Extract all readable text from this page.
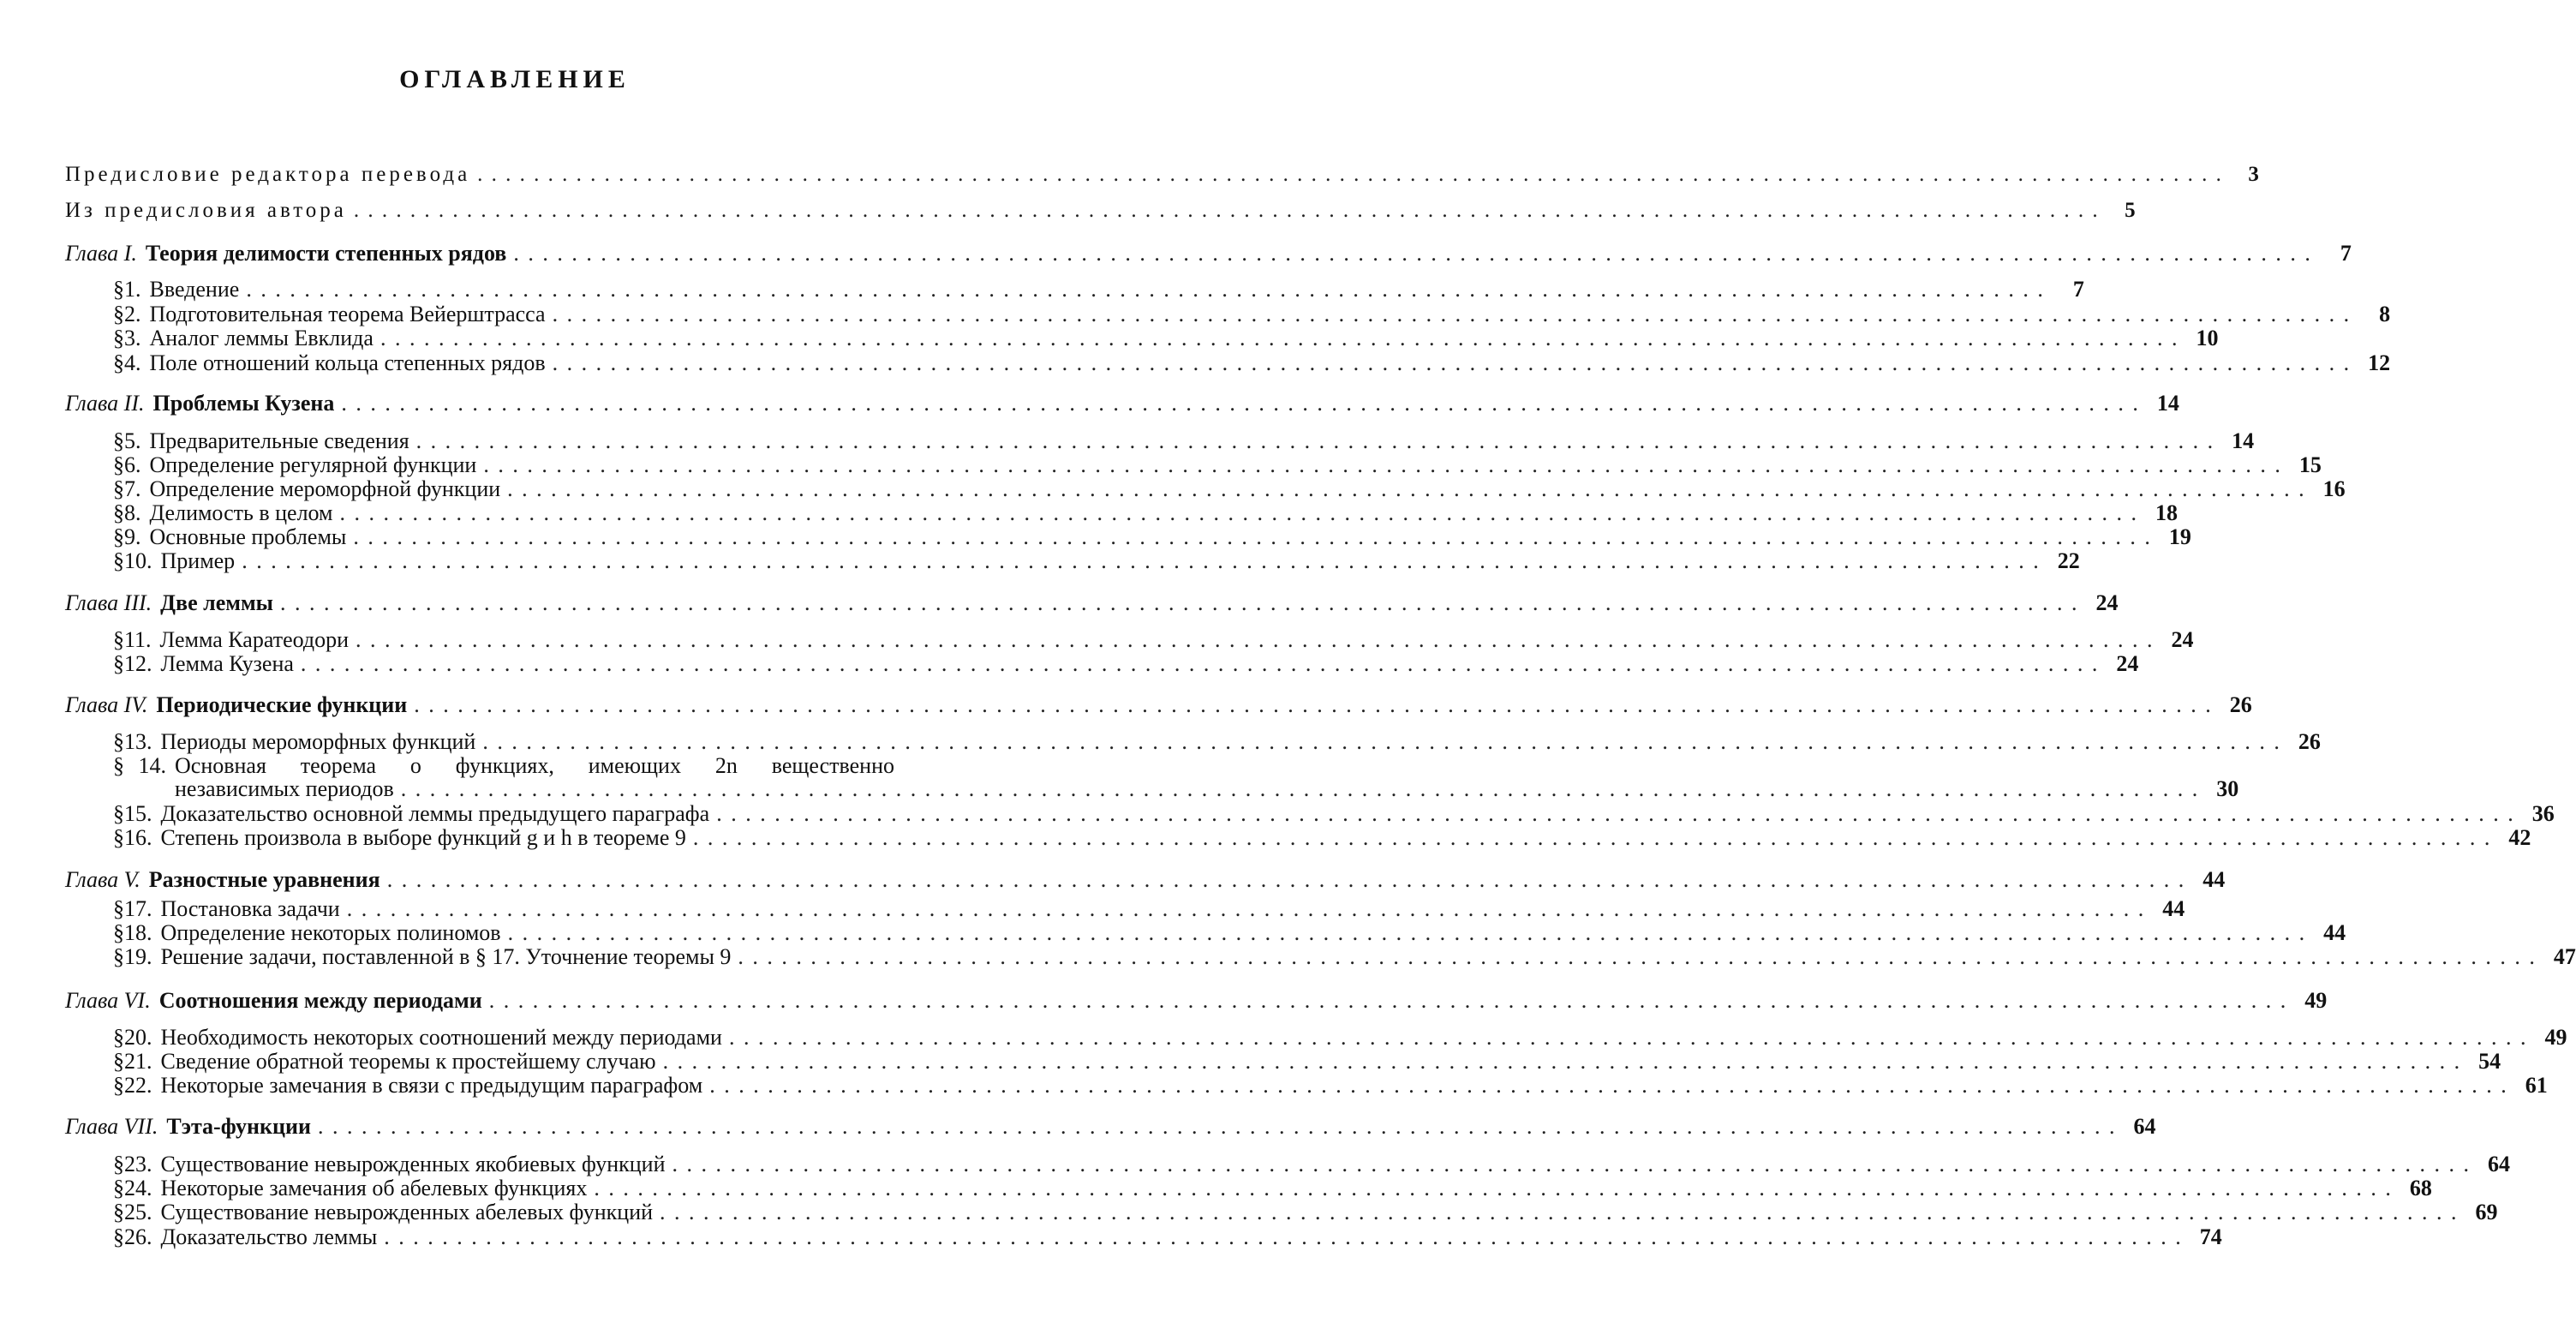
ОГЛАВЛЕНИЕ
Предисловие редактора перевода . . .	3
Из предисловия автора . . .	5
Глава I. Теория делимости степенных рядов . . .	7
§ 1. Введение . . .	7
§ 2. Подготовительная теорема Вейерштрасса . . .	8
§ 3. Аналог леммы Евклида . . .	10
§ 4. Поле отношений кольца степенных рядов . . .	12
Глава II. Проблемы Кузена . . .	14
§ 5. Предварительные сведения . . .	14
§ 6. Определение регулярной функции . . .	15
§ 7. Определение мероморфной функции . . .	16
§ 8. Делимость в целом . . .	18
§ 9. Основные проблемы . . .	19
§ 10. Пример . . .	22
Глава III. Две леммы . . .	24
§ 11. Лемма Каратеодори . . .	24
§ 12. Лемма Кузена . . .	24
Глава IV. Периодические функции . . .	26
§ 13. Периоды мероморфных функций . . .	26
§ 14. Основная теорема о функциях, имеющих 2n вещественно
независимых периодов . . .	30
§ 15. Доказательство основной леммы предыдущего параграфа . . .	36
§ 16. Степень произвола в выборе функций g и h в теореме 9 . . .	42
Глава V. Разностные уравнения . . .	44
§ 17. Постановка задачи . . .	44
§ 18. Определение некоторых полиномов . . .	44
§ 19. Решение задачи, поставленной в § 17. Уточнение теоремы 9 . . .	47
Глава VI. Соотношения между периодами . . .	49
§ 20. Необходимость некоторых соотношений между периодами . . .	49
§ 21. Сведение обратной теоремы к простейшему случаю . . .	54
§ 22. Некоторые замечания в связи с предыдущим параграфом . . .	61
Глава VII. Тэта-функции . . .	64
§ 23. Существование невырожденных якобиевых функций . . .	64
§ 24. Некоторые замечания об абелевых функциях . . .	68
§ 25. Существование невырожденных абелевых функций . . .	69
§ 26. Доказательство леммы . . .	74
